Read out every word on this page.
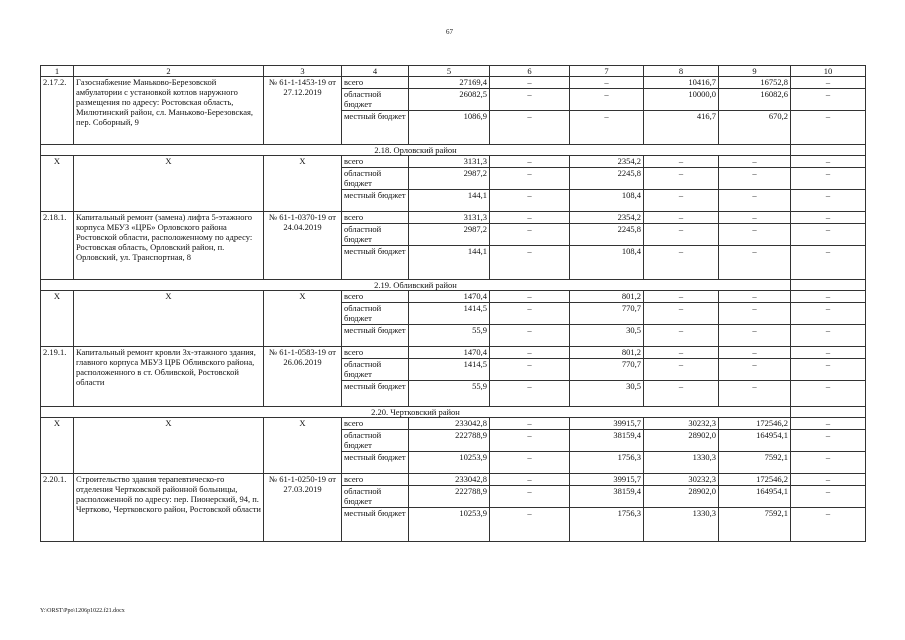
67
1	2	3	4	5	6	7	8	9	10
2.17.2.	Газоснабжение Маньково-Березовской амбулатории с установкой котлов наружного размещения по адресу: Ростовская область, Милютинский район, сл. Маньково-Березовская, пер. Соборный, 9	№ 61-1-1453-19 от 27.12.2019	всего	27169,4	–	–	10416,7	16752,8	–
			областной бюджет	26082,5	–	–	10000,0	16082,6	–
			местный бюджет	1086,9	–	–	416,7	670,2	–
2.18. Орловский район									
X	X	X	всего	3131,3	–	2354,2	–	–	–
			областной бюджет	2987,2	–	2245,8	–	–	–
			местный бюджет	144,1	–	108,4	–	–	–
2.18.1.	Капитальный ремонт (замена) лифта 5-этажного корпуса МБУЗ «ЦРБ» Орловского района Ростовской области, расположенному по адресу: Ростовская область, Орловский район, п. Орловский, ул. Транспортная, 8	№ 61-1-0370-19 от 24.04.2019	всего	3131,3	–	2354,2	–	–	–
			областной бюджет	2987,2	–	2245,8	–	–	–
			местный бюджет	144,1	–	108,4	–	–	–
2.19. Обливский район									
X	X	X	всего	1470,4	–	801,2	–	–	–
			областной бюджет	1414,5	–	770,7	–	–	–
			местный бюджет	55,9	–	30,5	–	–	–
2.19.1.	Капитальный ремонт кровли 3х-этажного здания, главного корпуса МБУЗ ЦРБ Обливского района, расположенного в ст. Обливской, Ростовской области	№ 61-1-0583-19 от 26.06.2019	всего	1470,4	–	801,2	–	–	–
			областной бюджет	1414,5	–	770,7	–	–	–
			местный бюджет	55,9	–	30,5	–	–	–
2.20. Чертковский район									
X	X	X	всего	233042,8	–	39915,7	30232,3	172546,2	–
			областной бюджет	222788,9	–	38159,4	28902,0	164954,1	–
			местный бюджет	10253,9	–	1756,3	1330,3	7592,1	–
2.20.1.	Строительство здания терапевтическо-го отделения Чертковской районной больницы, расположенной по адресу: пер. Пионерский, 94, п. Чертково, Чертковского район, Ростовской области	№ 61-1-0250-19 от 27.03.2019	всего	233042,8	–	39915,7	30232,3	172546,2	–
			областной бюджет	222788,9	–	38159,4	28902,0	164954,1	–
			местный бюджет	10253,9	–	1756,3	1330,3	7592,1	–
Y:\ORST\Ppo\1206p1022.f21.docx
